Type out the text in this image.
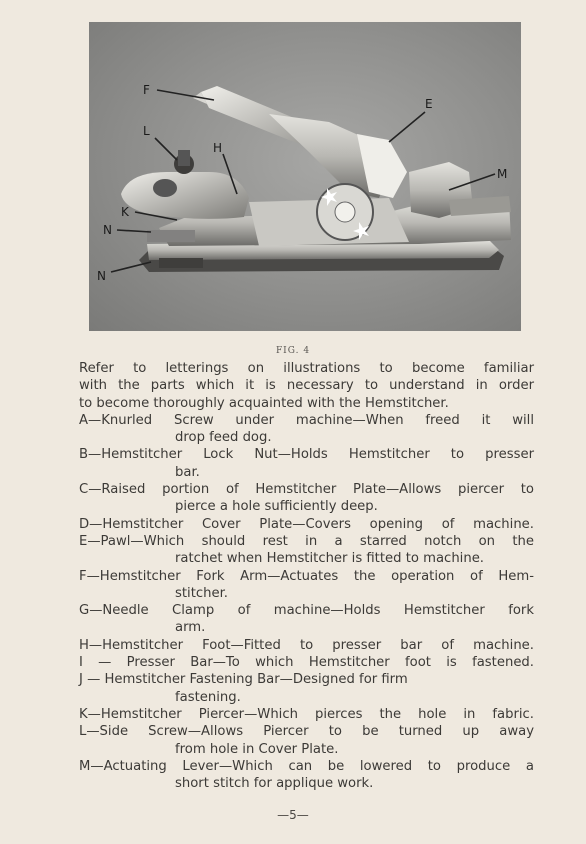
F
E
L
H
M
K
N
N
FIG. 4
Refer to letterings on illustrations to become familiar
with the parts which it is necessary to understand in order
to become thoroughly acquainted with the Hemstitcher.
A—Knurled Screw under machine—When freed it will
drop feed dog.
B—Hemstitcher Lock Nut—Holds Hemstitcher to presser
bar.
C—Raised portion of Hemstitcher Plate—Allows piercer to
pierce a hole sufficiently deep.
D—Hemstitcher Cover Plate—Covers opening of machine.
E—Pawl—Which should rest in a starred notch on the
ratchet when Hemstitcher is fitted to machine.
F—Hemstitcher Fork Arm—Actuates the operation of Hem-
stitcher.
G—Needle Clamp of machine—Holds Hemstitcher fork
arm.
H—Hemstitcher Foot—Fitted to presser bar of machine.
I — Presser Bar—To which Hemstitcher foot is fastened.
J — Hemstitcher Fastening Bar—Designed for firm
fastening.
K—Hemstitcher Piercer—Which pierces the hole in fabric.
L—Side Screw—Allows Piercer to be turned up away
from hole in Cover Plate.
M—Actuating Lever—Which can be lowered to produce a
short stitch for applique work.
—5—
